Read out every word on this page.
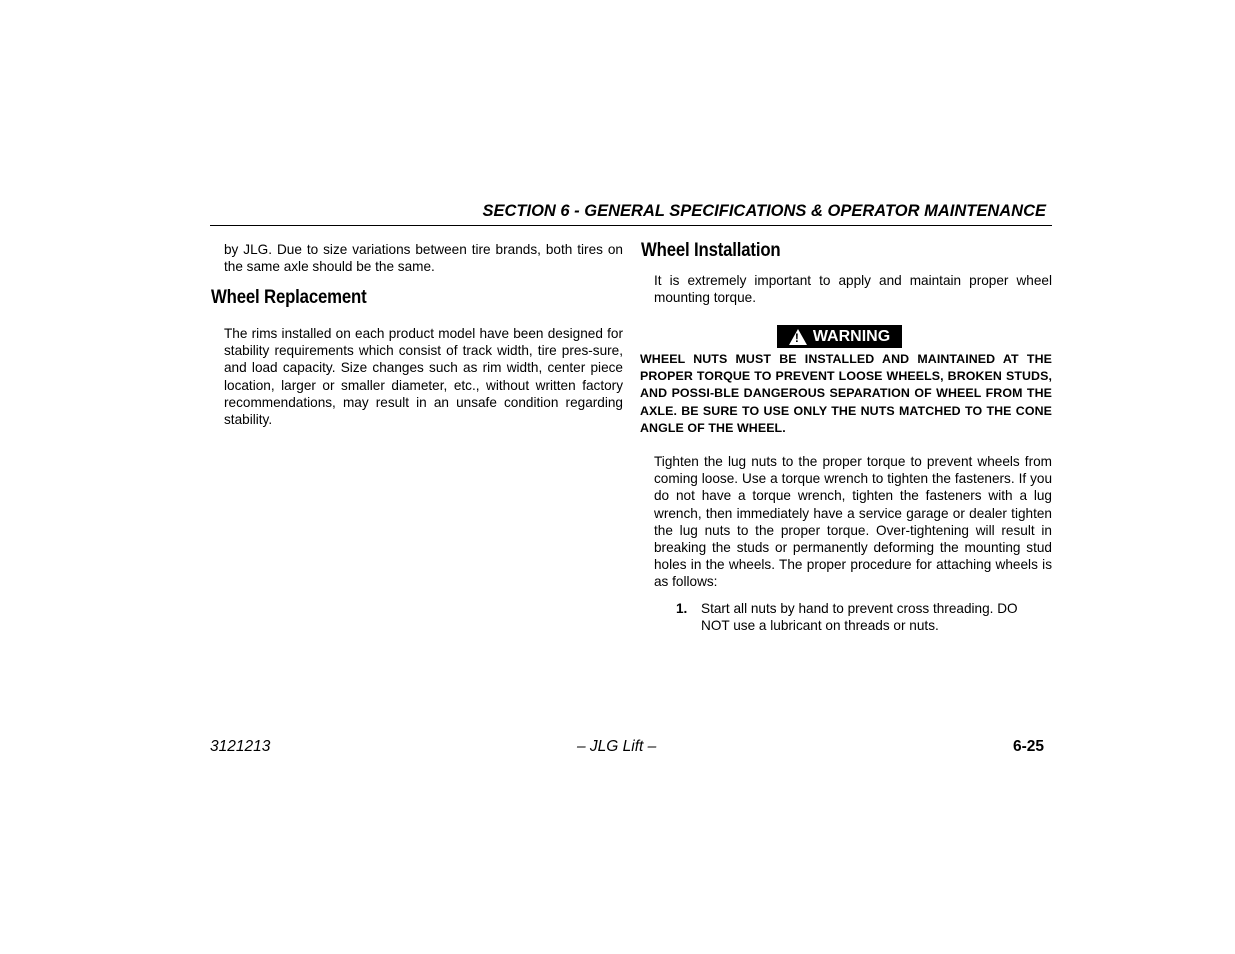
SECTION 6 - GENERAL SPECIFICATIONS & OPERATOR MAINTENANCE
by JLG. Due to size variations between tire brands, both tires on the same axle should be the same.
Wheel Replacement
The rims installed on each product model have been designed for stability requirements which consist of track width, tire pres-sure, and load capacity. Size changes such as rim width, center piece location, larger or smaller diameter, etc., without written factory recommendations, may result in an unsafe condition regarding stability.
Wheel Installation
It is extremely important to apply and maintain proper wheel mounting torque.
!
WARNING
WHEEL NUTS MUST BE INSTALLED AND MAINTAINED AT THE PROPER TORQUE TO PREVENT LOOSE WHEELS, BROKEN STUDS, AND POSSI-BLE DANGEROUS SEPARATION OF WHEEL FROM THE AXLE. BE SURE TO USE ONLY THE NUTS MATCHED TO THE CONE ANGLE OF THE WHEEL.
Tighten the lug nuts to the proper torque to prevent wheels from coming loose. Use a torque wrench to tighten the fasteners. If you do not have a torque wrench, tighten the fasteners with a lug wrench, then immediately have a service garage or dealer tighten the lug nuts to the proper torque. Over-tightening will result in breaking the studs or permanently deforming the mounting stud holes in the wheels. The proper procedure for attaching wheels is as follows:
1.	Start all nuts by hand to prevent cross threading. DO NOT use a lubricant on threads or nuts.
3121213	– JLG Lift –	6-25
